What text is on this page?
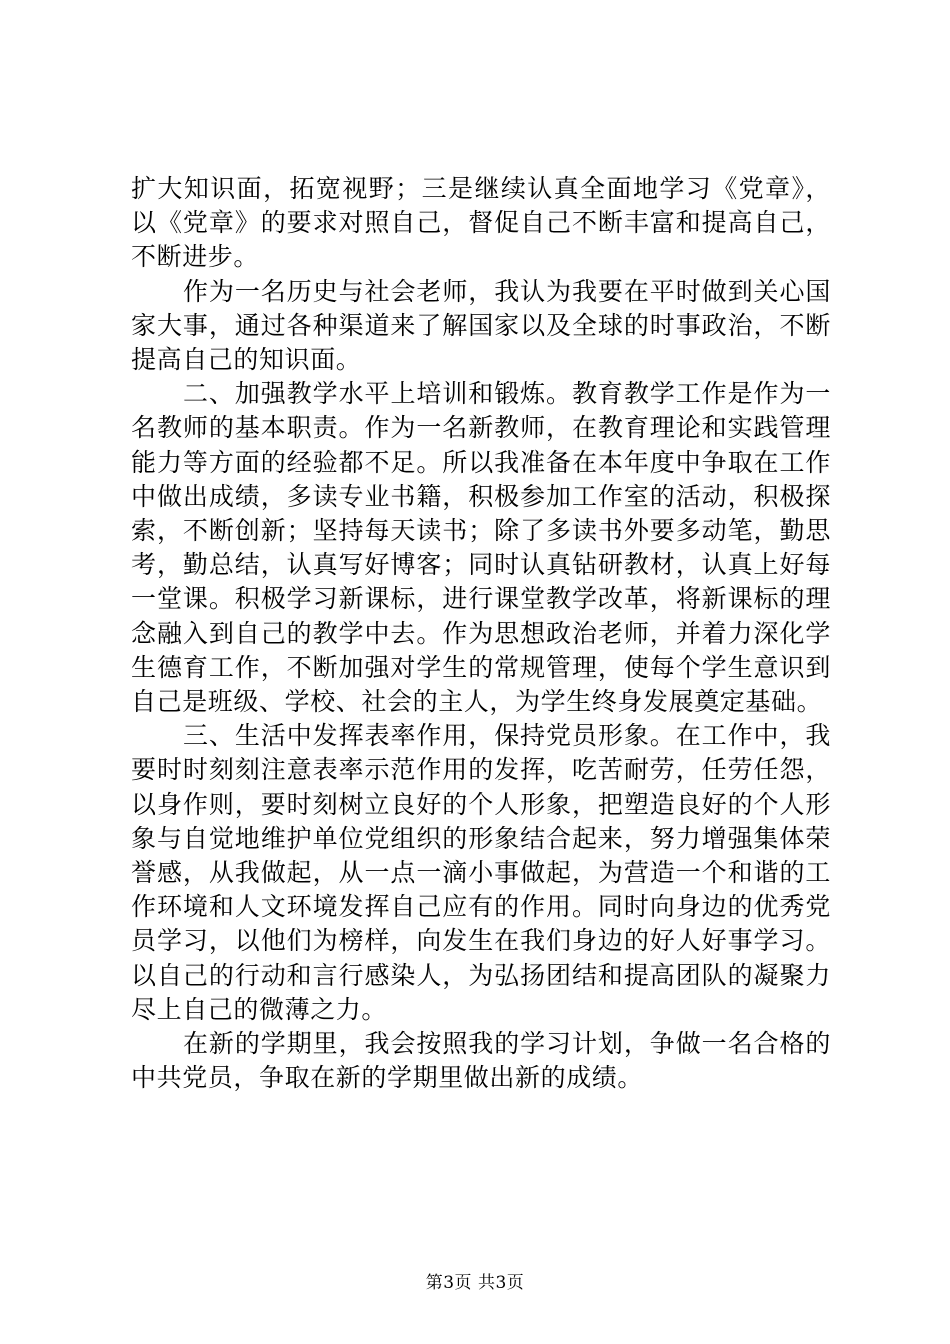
扩大知识面，拓宽视野；三是继续认真全面地学习《党章》，以《党章》的要求对照自己，督促自己不断丰富和提高自己，不断进步。

作为一名历史与社会老师，我认为我要在平时做到关心国家大事，通过各种渠道来了解国家以及全球的时事政治，不断提高自己的知识面。

二、加强教学水平上培训和锻炼。教育教学工作是作为一名教师的基本职责。作为一名新教师，在教育理论和实践管理能力等方面的经验都不足。所以我准备在本年度中争取在工作中做出成绩，多读专业书籍，积极参加工作室的活动，积极探索，不断创新；坚持每天读书；除了多读书外要多动笔，勤思考，勤总结，认真写好博客；同时认真钻研教材，认真上好每一堂课。积极学习新课标，进行课堂教学改革，将新课标的理念融入到自己的教学中去。作为思想政治老师，并着力深化学生德育工作，不断加强对学生的常规管理，使每个学生意识到自己是班级、学校、社会的主人，为学生终身发展奠定基础。

三、生活中发挥表率作用，保持党员形象。在工作中，我要时时刻刻注意表率示范作用的发挥，吃苦耐劳，任劳任怨，以身作则，要时刻树立良好的个人形象，把塑造良好的个人形象与自觉地维护单位党组织的形象结合起来，努力增强集体荣誉感，从我做起，从一点一滴小事做起，为营造一个和谐的工作环境和人文环境发挥自己应有的作用。同时向身边的优秀党员学习，以他们为榜样，向发生在我们身边的好人好事学习。以自己的行动和言行感染人，为弘扬团结和提高团队的凝聚力尽上自己的微薄之力。

在新的学期里，我会按照我的学习计划，争做一名合格的中共党员，争取在新的学期里做出新的成绩。

第3页 共3页
